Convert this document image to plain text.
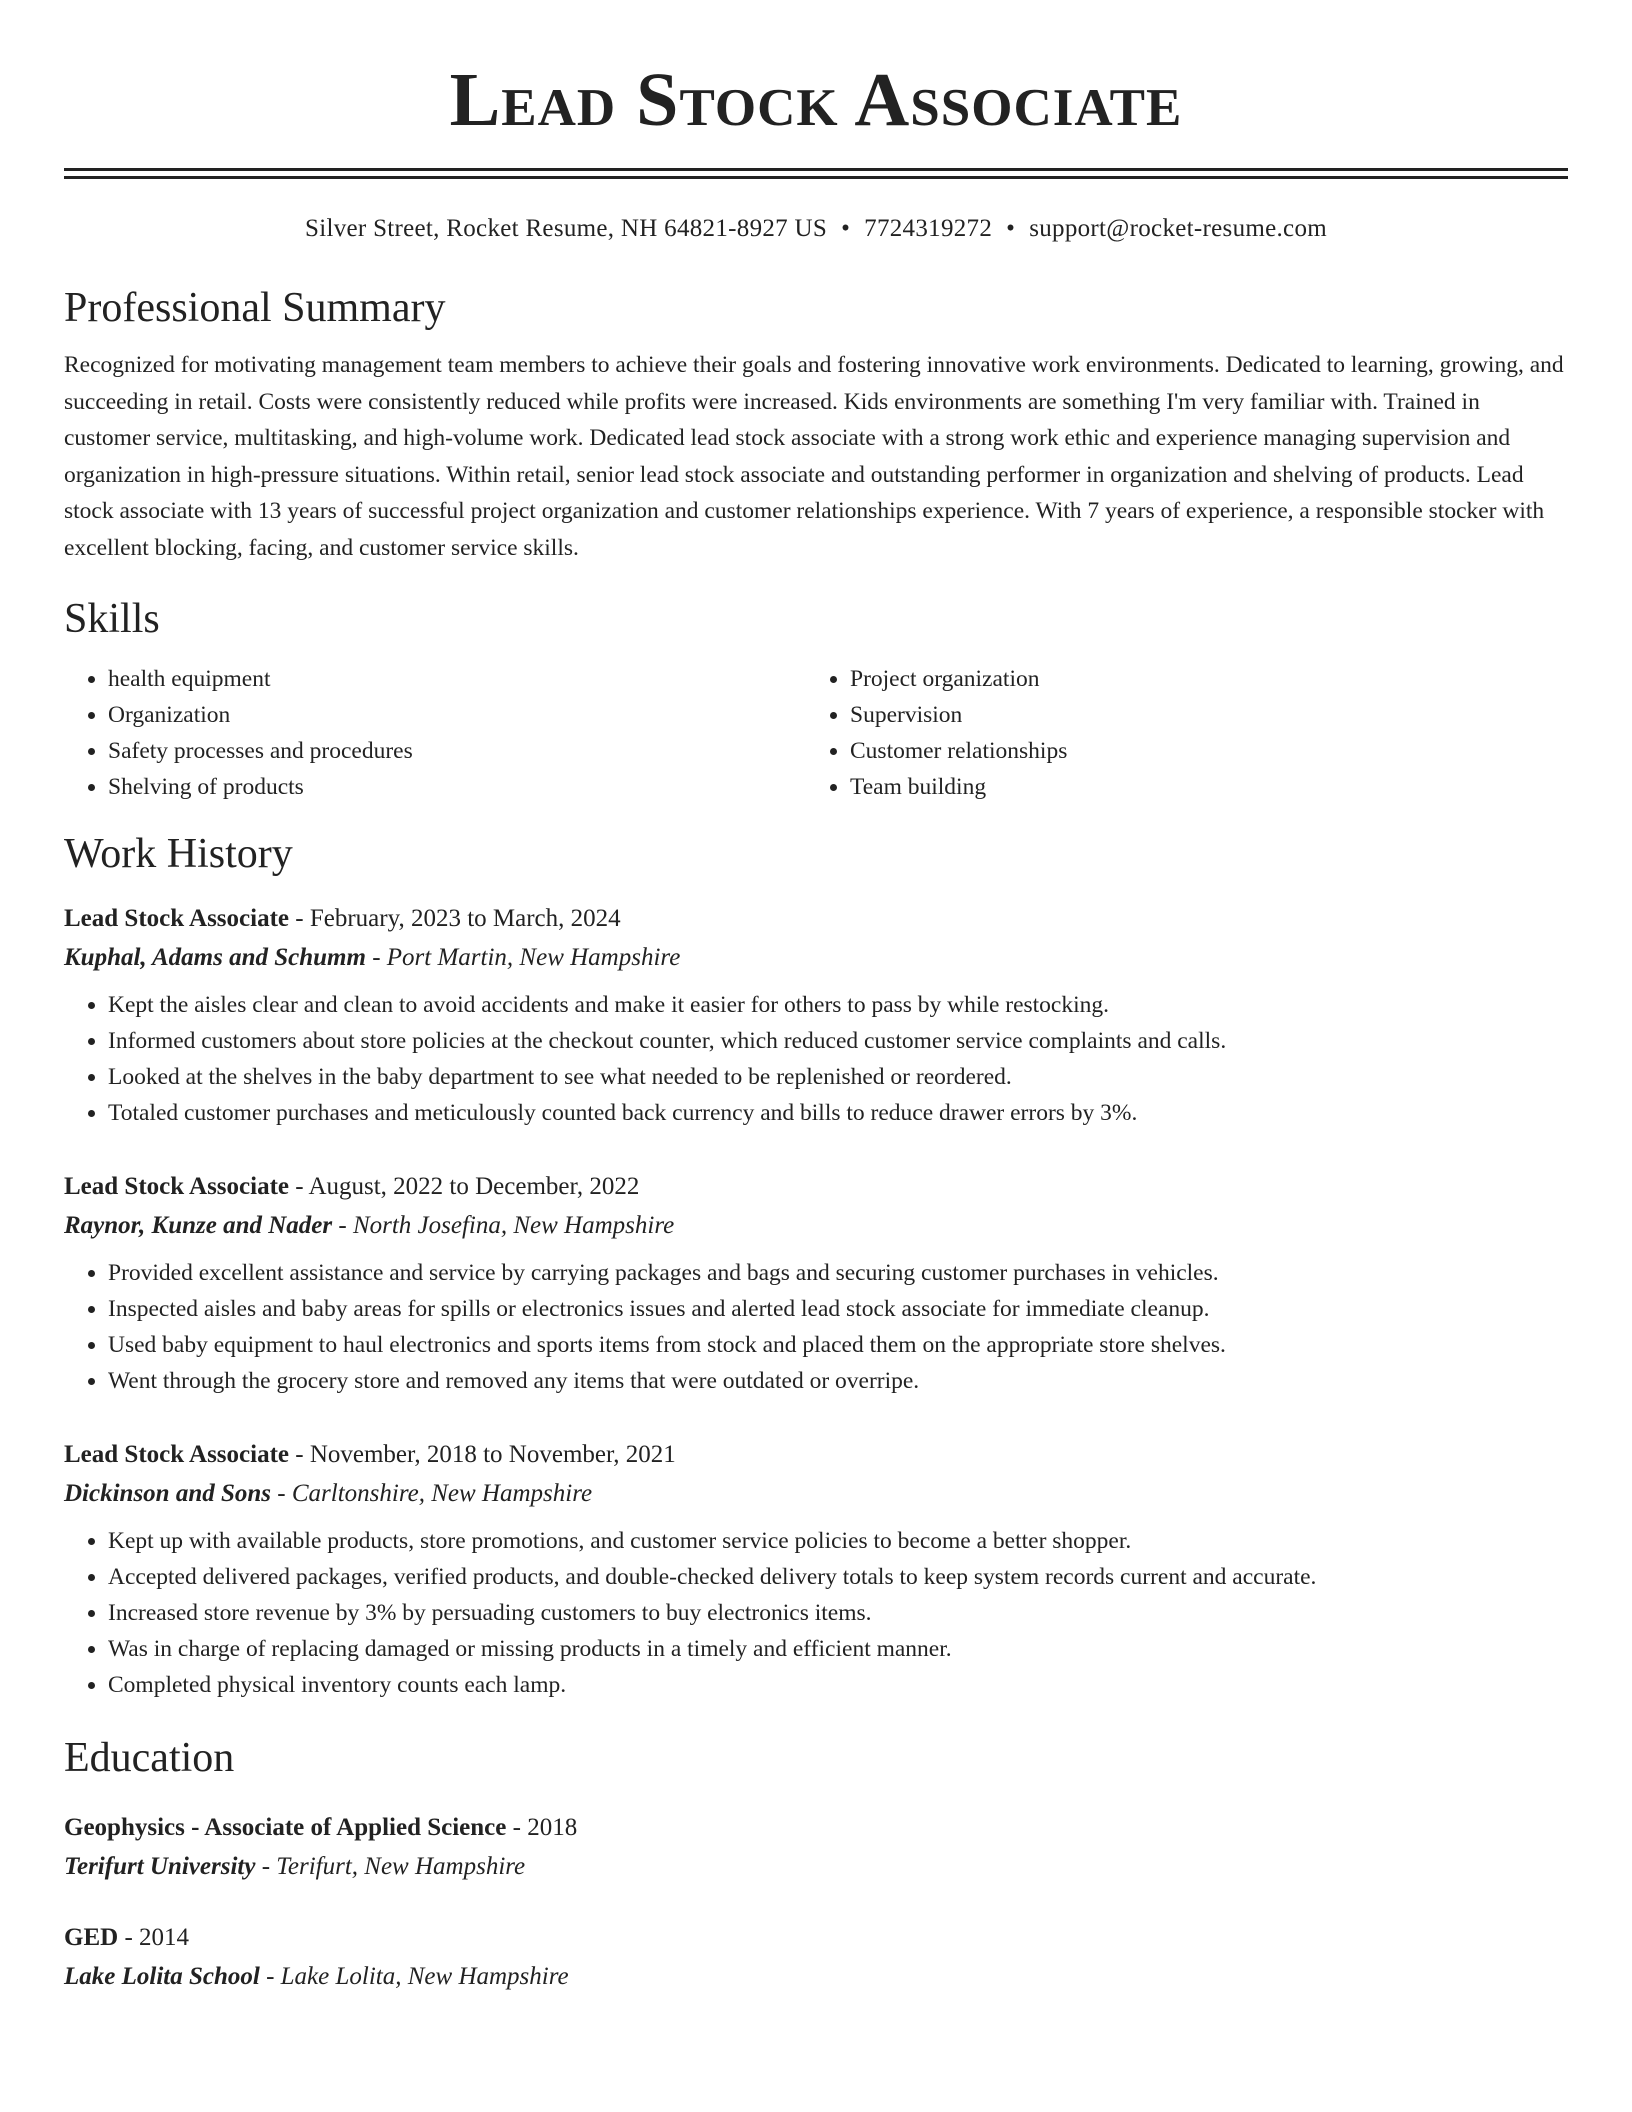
Lead Stock Associate
Silver Street, Rocket Resume, NH 64821-8927 US • 7724319272 • support@rocket-resume.com
Professional Summary
Recognized for motivating management team members to achieve their goals and fostering innovative work environments. Dedicated to learning, growing, and succeeding in retail. Costs were consistently reduced while profits were increased. Kids environments are something I'm very familiar with. Trained in customer service, multitasking, and high-volume work. Dedicated lead stock associate with a strong work ethic and experience managing supervision and organization in high-pressure situations. Within retail, senior lead stock associate and outstanding performer in organization and shelving of products. Lead stock associate with 13 years of successful project organization and customer relationships experience. With 7 years of experience, a responsible stocker with excellent blocking, facing, and customer service skills.
Skills
• health equipment
• Organization
• Safety processes and procedures
• Shelving of products
• Project organization
• Supervision
• Customer relationships
• Team building
Work History
Lead Stock Associate - February, 2023 to March, 2024
Kuphal, Adams and Schumm - Port Martin, New Hampshire
• Kept the aisles clear and clean to avoid accidents and make it easier for others to pass by while restocking.
• Informed customers about store policies at the checkout counter, which reduced customer service complaints and calls.
• Looked at the shelves in the baby department to see what needed to be replenished or reordered.
• Totaled customer purchases and meticulously counted back currency and bills to reduce drawer errors by 3%.
Lead Stock Associate - August, 2022 to December, 2022
Raynor, Kunze and Nader - North Josefina, New Hampshire
• Provided excellent assistance and service by carrying packages and bags and securing customer purchases in vehicles.
• Inspected aisles and baby areas for spills or electronics issues and alerted lead stock associate for immediate cleanup.
• Used baby equipment to haul electronics and sports items from stock and placed them on the appropriate store shelves.
• Went through the grocery store and removed any items that were outdated or overripe.
Lead Stock Associate - November, 2018 to November, 2021
Dickinson and Sons - Carltonshire, New Hampshire
• Kept up with available products, store promotions, and customer service policies to become a better shopper.
• Accepted delivered packages, verified products, and double-checked delivery totals to keep system records current and accurate.
• Increased store revenue by 3% by persuading customers to buy electronics items.
• Was in charge of replacing damaged or missing products in a timely and efficient manner.
• Completed physical inventory counts each lamp.
Education
Geophysics - Associate of Applied Science - 2018
Terifurt University - Terifurt, New Hampshire
GED - 2014
Lake Lolita School - Lake Lolita, New Hampshire
